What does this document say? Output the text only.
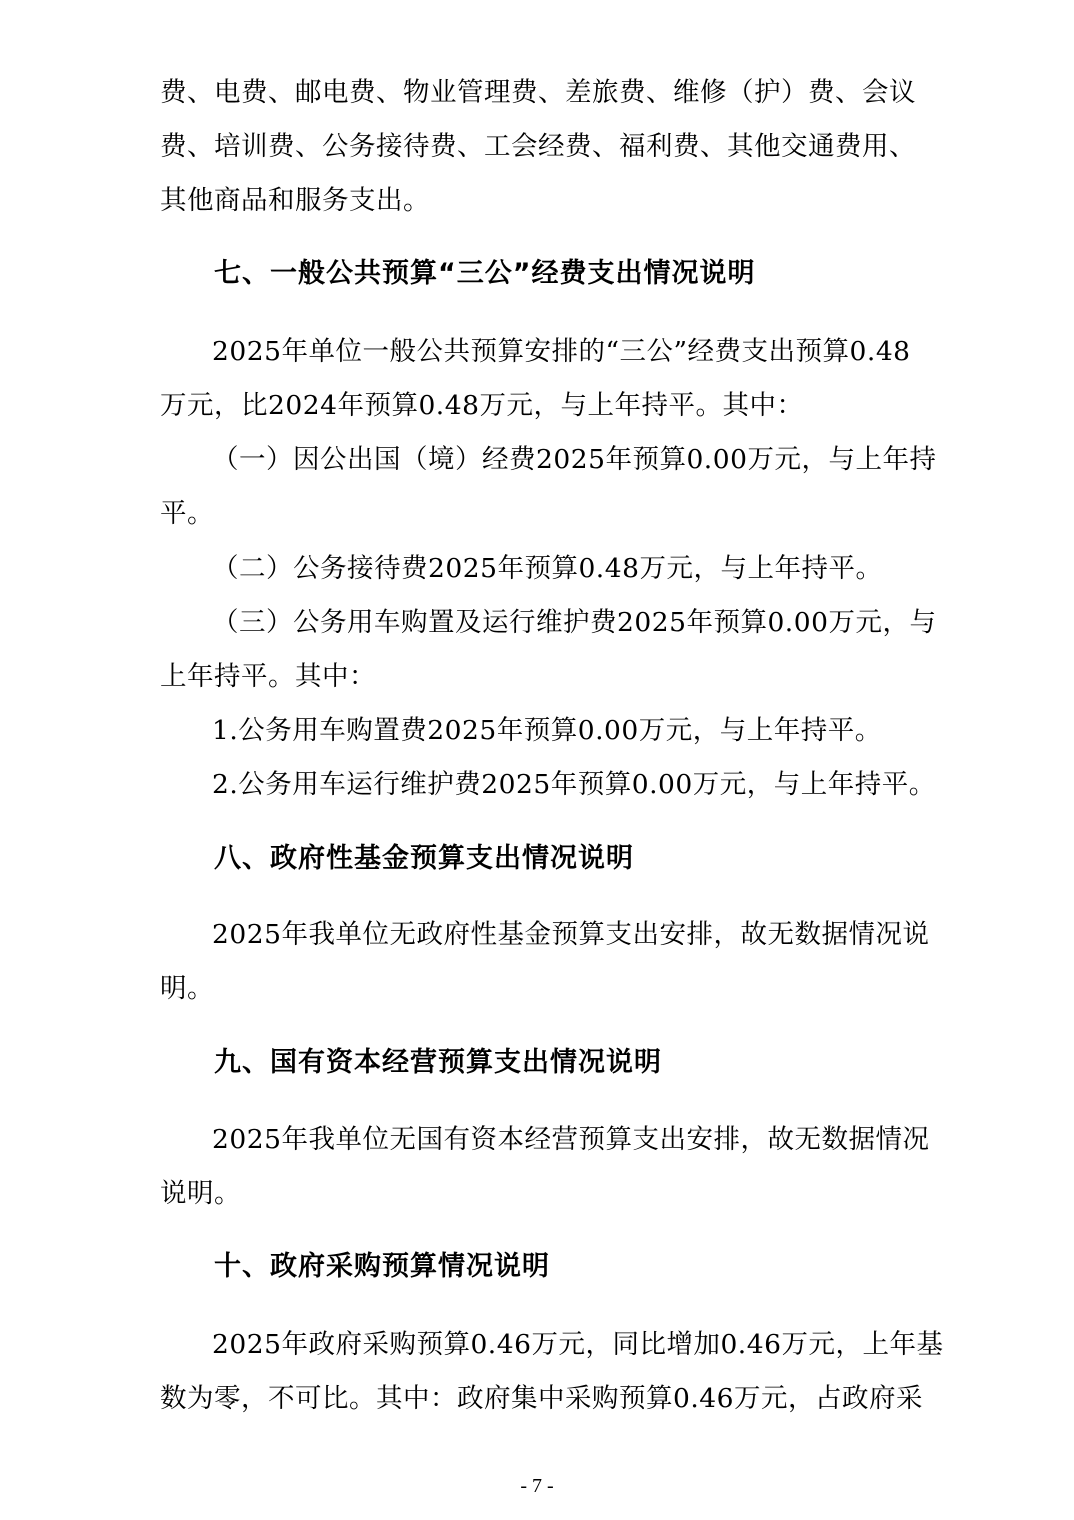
费、电费、邮电费、物业管理费、差旅费、维修（护）费、会议
费、培训费、公务接待费、工会经费、福利费、其他交通费用、
其他商品和服务支出。
七、一般公共预算“三公”经费支出情况说明
2025年单位一般公共预算安排的“三公”经费支出预算0.48
万元，比2024年预算0.48万元，与上年持平。其中：
（一）因公出国（境）经费2025年预算0.00万元，与上年持
平。
（二）公务接待费2025年预算0.48万元，与上年持平。
（三）公务用车购置及运行维护费2025年预算0.00万元，与
上年持平。其中：
1.公务用车购置费2025年预算0.00万元，与上年持平。
2.公务用车运行维护费2025年预算0.00万元，与上年持平。
八、政府性基金预算支出情况说明
2025年我单位无政府性基金预算支出安排，故无数据情况说
明。
九、国有资本经营预算支出情况说明
2025年我单位无国有资本经营预算支出安排，故无数据情况
说明。
十、政府采购预算情况说明
2025年政府采购预算0.46万元，同比增加0.46万元，上年基
数为零，不可比。其中：政府集中采购预算0.46万元，占政府采
- 7 -
